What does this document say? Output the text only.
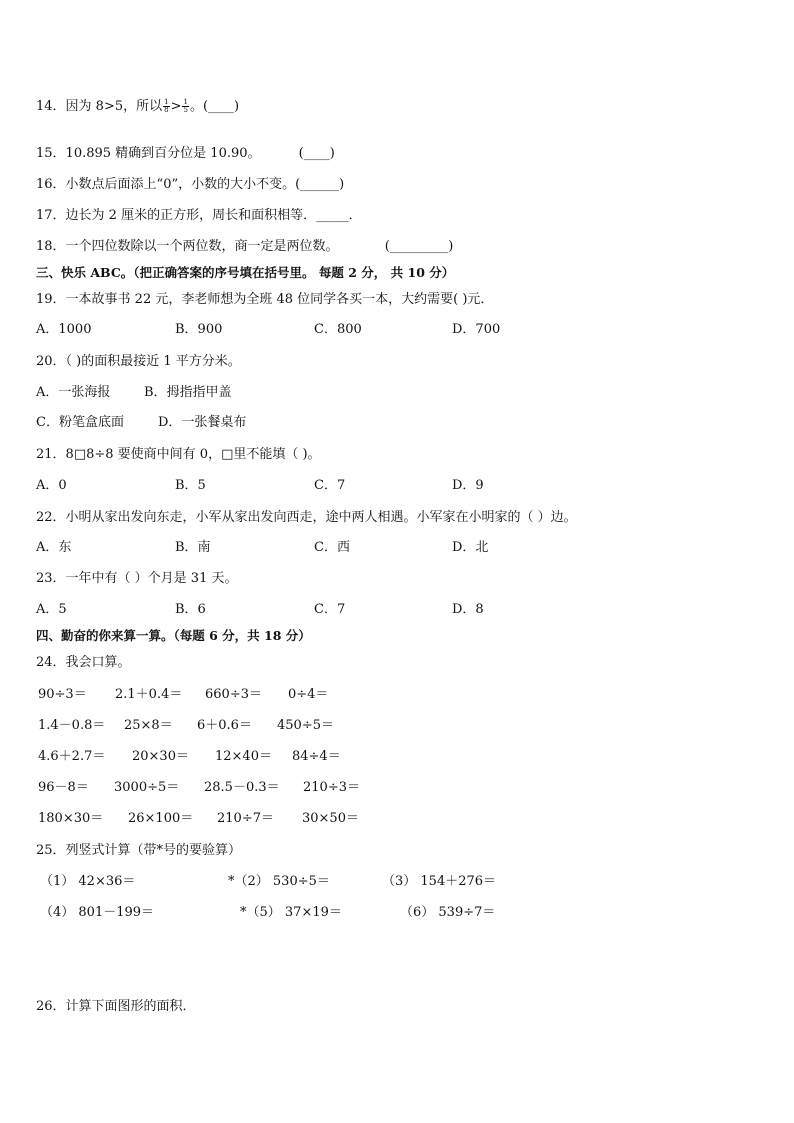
14．因为 8>5，所以 $\frac{1}{8} > \frac{1}{5}$ 。(____)
15．10.895 精确到百分位是 10.90。	(____)
16．小数点后面添上“0”，小数的大小不变。(______)
17．边长为 2 厘米的正方形，周长和面积相等．_____．
18．一个四位数除以一个两位数，商一定是两位数。	(_________)
三、快乐 ABC。（把正确答案的序号填在括号里。 每题 2 分， 共 10 分）
19．一本故事书 22 元，李老师想为全班 48 位同学各买一本，大约需要( )元．
A．1000	B．900	C．800	D．700
20．（ )的面积最接近 1 平方分米。
A．一张海报	B．拇指指甲盖
C．粉笔盒底面	D．一张餐桌布
21．8□8÷8 要使商中间有 0，□里不能填（ )。
A．0	B．5	C．7	D．9
22．小明从家出发向东走，小军从家出发向西走，途中两人相遇。小军家在小明家的（ ）边。
A．东	B．南	C．西	D．北
23．一年中有（ ）个月是 31 天。
A．5	B．6	C．7	D．8
四、勤奋的你来算一算。（每题 6 分，共 18 分）
24．我会口算。
90÷3＝ 2.1＋0.4＝ 660÷3＝ 0÷4＝
1.4－0.8＝ 25×8＝ 6＋0.6＝ 450÷5＝
4.6＋2.7＝ 20×30＝ 12×40＝ 84÷4＝
96－8＝ 3000÷5＝ 28.5－0.3＝ 210÷3＝
180×30＝ 26×100＝ 210÷7＝ 30×50＝
25．列竖式计算（带*号的要验算）
（1） 42×36＝	*（2） 530÷5＝	（3） 154＋276＝
（4） 801－199＝	*（5） 37×19＝	（6） 539÷7＝
26．计算下面图形的面积．
